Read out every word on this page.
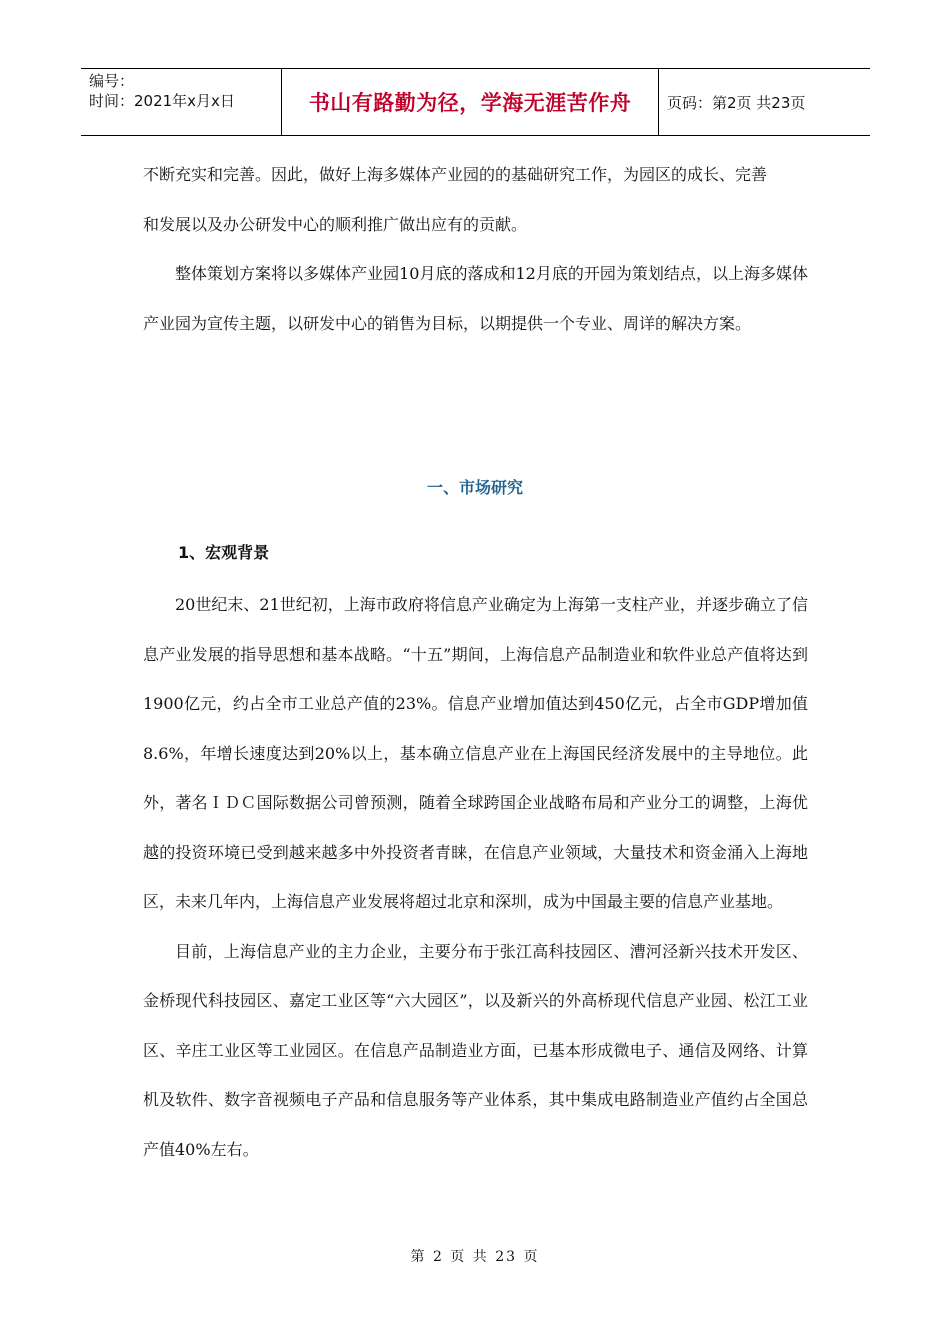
编号：
时间：2021年x月x日	书山有路勤为径，学海无涯苦作舟 页码：第2页 共23页

不断充实和完善。因此，做好上海多媒体产业园的的基础研究工作，为园区的成长、完善

和发展以及办公研发中心的顺利推广做出应有的贡献。

整体策划方案将以多媒体产业园10月底的落成和12月底的开园为策划结点，以上海多媒体产业园为宣传主题，以研发中心的销售为目标，以期提供一个专业、周详的解决方案。

一、市场研究
1、宏观背景

20世纪末、21世纪初，上海市政府将信息产业确定为上海第一支柱产业，并逐步确立了信息产业发展的指导思想和基本战略。“十五”期间，上海信息产品制造业和软件业总产值将达到1900亿元，约占全市工业总产值的23%。信息产业增加值达到450亿元，占全市GDP增加值8.6%，年增长速度达到20%以上，基本确立信息产业在上海国民经济发展中的主导地位。此外，著名ＩＤＣ国际数据公司曾预测，随着全球跨国企业战略布局和产业分工的调整，上海优越的投资环境已受到越来越多中外投资者青睐，在信息产业领域，大量技术和资金涌入上海地区，未来几年内，上海信息产业发展将超过北京和深圳，成为中国最主要的信息产业基地。

目前，上海信息产业的主力企业，主要分布于张江高科技园区、漕河泾新兴技术开发区、金桥现代科技园区、嘉定工业区等“六大园区”，以及新兴的外高桥现代信息产业园、松江工业区、辛庄工业区等工业园区。在信息产品制造业方面，已基本形成微电子、通信及网络、计算机及软件、数字音视频电子产品和信息服务等产业体系，其中集成电路制造业产值约占全国总产值40%左右。

第 2 页 共 23 页
